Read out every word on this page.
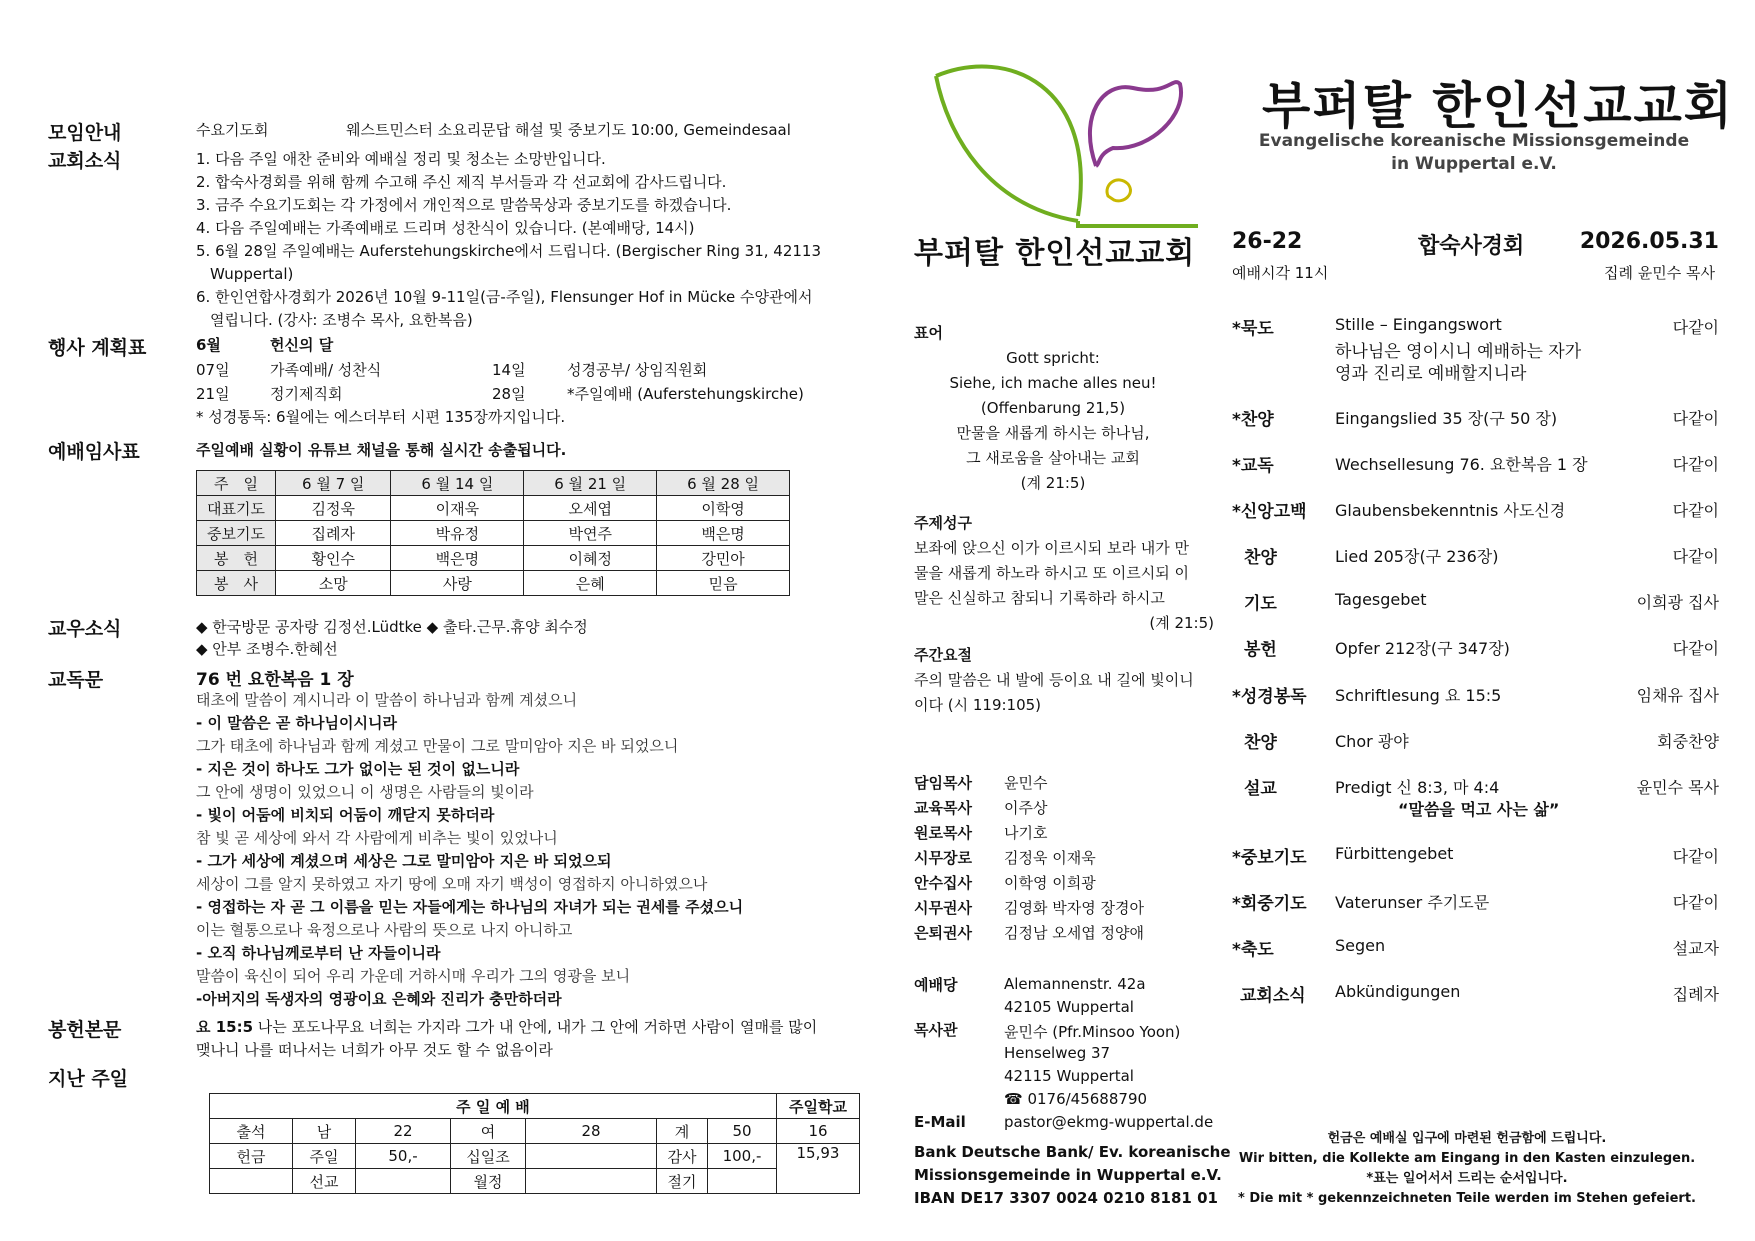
모임안내	수요기도회	웨스트민스터 소요리문답 해설 및 중보기도 10:00, Gemeindesaal
교회소식	1. 다음 주일 애찬 준비와 예배실 정리 및 청소는 소망반입니다.
2. 합숙사경회를 위해 함께 수고해 주신 제직 부서들과 각 선교회에 감사드립니다.
3. 금주 수요기도회는 각 가정에서 개인적으로 말씀묵상과 중보기도를 하겠습니다.
4. 다음 주일예배는 가족예배로 드리며 성찬식이 있습니다. (본예배당, 14시)
5. 6월 28일 주일예배는 Auferstehungskirche에서 드립니다. (Bergischer Ring 31, 42113
Wuppertal)
6. 한인연합사경회가 2026년 10월 9-11일(금-주일), Flensunger Hof in Mücke 수양관에서
열립니다. (강사: 조병수 목사, 요한복음)
행사 계획표	6월	헌신의 달
07일	가족예배/ 성찬식	14일	성경공부/ 상임직원회
21일	정기제직회	28일	*주일예배 (Auferstehungskirche)
* 성경통독: 6월에는 에스더부터 시편 135장까지입니다.
예배임사표	주일예배 실황이 유튜브 채널을 통해 실시간 송출됩니다.
주　일	6 월 7 일	6 월 14 일	6 월 21 일	6 월 28 일
대표기도	김정욱	이재욱	오세엽	이학영
중보기도	집례자	박유정	박연주	백은명
봉　헌	황인수	백은명	이혜정	강민아
봉　사	소망	사랑	은혜	믿음
교우소식	◆ 한국방문 공자랑 김정선.Lüdtke ◆ 출타.근무.휴양 최수정
◆ 안부 조병수.한혜선
교독문	76 번 요한복음 1 장
태초에 말씀이 계시니라 이 말씀이 하나님과 함께 계셨으니
- 이 말씀은 곧 하나님이시니라
그가 태초에 하나님과 함께 계셨고 만물이 그로 말미암아 지은 바 되었으니
- 지은 것이 하나도 그가 없이는 된 것이 없느니라
그 안에 생명이 있었으니 이 생명은 사람들의 빛이라
- 빛이 어둠에 비치되 어둠이 깨닫지 못하더라
참 빛 곧 세상에 와서 각 사람에게 비추는 빛이 있었나니
- 그가 세상에 계셨으며 세상은 그로 말미암아 지은 바 되었으되
세상이 그를 알지 못하였고 자기 땅에 오매 자기 백성이 영접하지 아니하였으나
- 영접하는 자 곧 그 이름을 믿는 자들에게는 하나님의 자녀가 되는 권세를 주셨으니
이는 혈통으로나 육정으로나 사람의 뜻으로 나지 아니하고
- 오직 하나님께로부터 난 자들이니라
말씀이 육신이 되어 우리 가운데 거하시매 우리가 그의 영광을 보니
-아버지의 독생자의 영광이요 은혜와 진리가 충만하더라
봉헌본문	요 15:5 나는 포도나무요 너희는 가지라 그가 내 안에, 내가 그 안에 거하면 사람이 열매를 많이
맺나니 나를 떠나서는 너희가 아무 것도 할 수 없음이라
지난 주일
주 일 예 배							주일학교
출석	남	22	여	28	계	50	16
헌금	주일	50,-	십일조		감사	100,-	15,93
	선교		월정		절기		
부퍼탈 한인선교교회
표어
Gott spricht:
Siehe, ich mache alles neu!
(Offenbarung 21,5)
만물을 새롭게 하시는 하나님,
그 새로움을 살아내는 교회
(계 21:5)
주제성구
보좌에 앉으신 이가 이르시되 보라 내가 만
물을 새롭게 하노라 하시고 또 이르시되 이
말은 신실하고 참되니 기록하라 하시고
(계 21:5)
주간요절
주의 말씀은 내 발에 등이요 내 길에 빛이니
이다 (시 119:105)
담임목사 윤민수
교육목사 이주상
원로목사 나기호
시무장로 김정욱 이재욱
안수집사 이학영 이희광
시무권사 김영화 박자영 장경아
은퇴권사 김정남 오세엽 정양애
예배당	Alemannenstr. 42a
42105 Wuppertal
목사관	윤민수 (Pfr.Minsoo Yoon)
Henselweg 37
42115 Wuppertal
☎ 0176/45688790
E-Mail	pastor@ekmg-wuppertal.de
Bank Deutsche Bank/ Ev. koreanische
Missionsgemeinde in Wuppertal e.V.
IBAN DE17 3307 0024 0210 8181 01
부퍼탈 한인선교교회
Evangelische koreanische Missionsgemeinde
in Wuppertal e.V.
26-22	합숙사경회	2026.05.31
예배시각 11시	집례 윤민수 목사
*묵도	Stille – Eingangswort
하나님은 영이시니 예배하는 자가
영과 진리로 예배할지니라
다같이
*찬양	Eingangslied 35 장(구 50 장)	다같이
*교독	Wechsellesung 76. 요한복음 1 장	다같이
*신앙고백 Glaubensbekenntnis 사도신경	다같이
찬양	Lied 205장(구 236장)	다같이
기도	Tagesgebet	이희광 집사
봉헌	Opfer 212장(구 347장)	다같이
*성경봉독 Schriftlesung 요 15:5	임채유 집사
찬양	Chor 광야	회중찬양
설교	Predigt 신 8:3, 마 4:4
“말씀을 먹고 사는 삶”
윤민수 목사
*중보기도 Fürbittengebet	다같이
*회중기도 Vaterunser 주기도문	다같이
*축도	Segen	설교자
교회소식 Abkündigungen	집례자
헌금은 예배실 입구에 마련된 헌금함에 드립니다.
Wir bitten, die Kollekte am Eingang in den Kasten einzulegen.
*표는 일어서서 드리는 순서입니다.
* Die mit * gekennzeichneten Teile werden im Stehen gefeiert.
